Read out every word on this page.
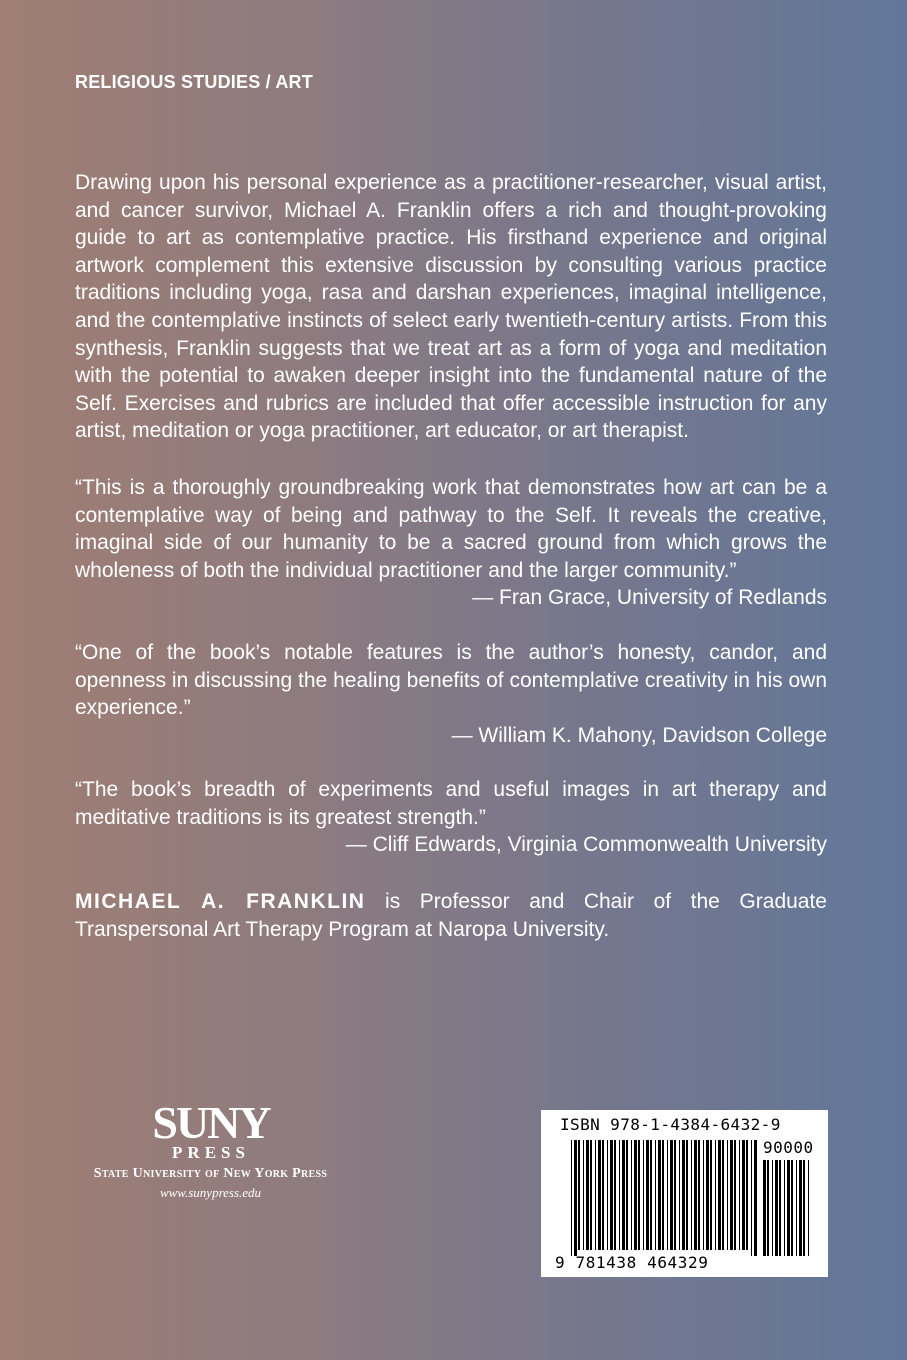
RELIGIOUS STUDIES / ART

Drawing upon his personal experience as a practitioner-researcher, visual artist, and cancer survivor, Michael A. Franklin offers a rich and thought-provoking guide to art as contemplative practice. His firsthand experience and original artwork complement this extensive discussion by consulting various practice traditions including yoga, rasa and darshan experiences, imaginal intelligence, and the contemplative instincts of select early twentieth-century artists. From this synthesis, Franklin suggests that we treat art as a form of yoga and meditation with the potential to awaken deeper insight into the fundamental nature of the Self. Exercises and rubrics are included that offer accessible instruction for any artist, meditation or yoga practitioner, art educator, or art therapist.

“This is a thoroughly groundbreaking work that demonstrates how art can be a contemplative way of being and pathway to the Self. It reveals the creative, imaginal side of our humanity to be a sacred ground from which grows the wholeness of both the individual practitioner and the larger community.”

— Fran Grace, University of Redlands

“One of the book’s notable features is the author’s honesty, candor, and openness in discussing the healing benefits of contemplative creativity in his own experience.”

— William K. Mahony, Davidson College

“The book’s breadth of experiments and useful images in art therapy and meditative traditions is its greatest strength.”

— Cliff Edwards, Virginia Commonwealth University

MICHAEL A. FRANKLIN is Professor and Chair of the Graduate Transpersonal Art Therapy Program at Naropa University.

SUNY
PRESS
State University of New York Press
www.sunypress.edu
ISBN 978-1-4384-6432-9
90000
9 781438 464329
